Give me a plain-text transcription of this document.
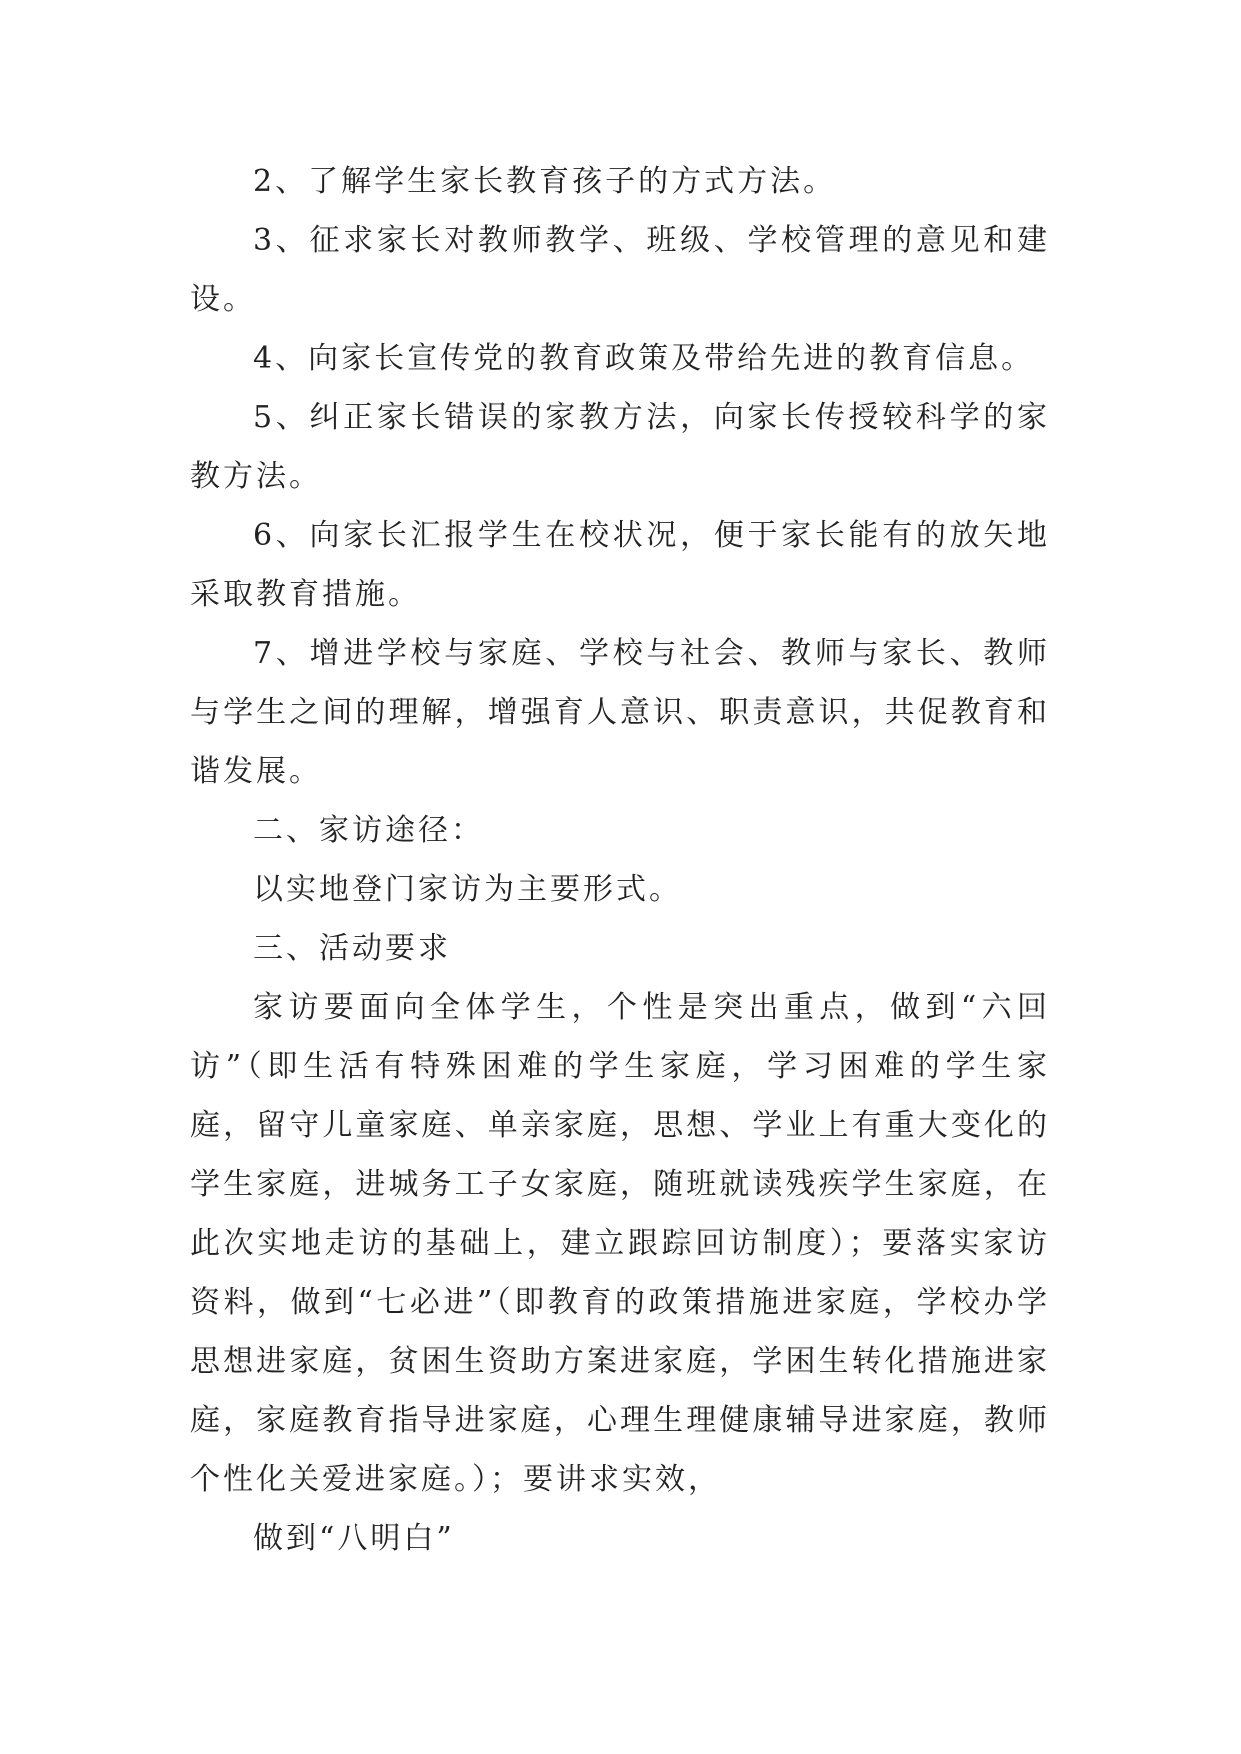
2、了解学生家长教育孩子的方式方法。

3、征求家长对教师教学、班级、学校管理的意见和建设。

4、向家长宣传党的教育政策及带给先进的教育信息。

5、纠正家长错误的家教方法，向家长传授较科学的家教方法。

6、向家长汇报学生在校状况，便于家长能有的放矢地采取教育措施。

7、增进学校与家庭、学校与社会、教师与家长、教师与学生之间的理解，增强育人意识、职责意识，共促教育和谐发展。

二、家访途径：

以实地登门家访为主要形式。

三、活动要求

家访要面向全体学生，个性是突出重点，做到“六回访”（即生活有特殊困难的学生家庭，学习困难的学生家庭，留守儿童家庭、单亲家庭，思想、学业上有重大变化的学生家庭，进城务工子女家庭，随班就读残疾学生家庭，在此次实地走访的基础上，建立跟踪回访制度）；要落实家访资料，做到“七必进”（即教育的政策措施进家庭，学校办学思想进家庭，贫困生资助方案进家庭，学困生转化措施进家庭，家庭教育指导进家庭，心理生理健康辅导进家庭，教师个性化关爱进家庭。）；要讲求实效，

做到“八明白”
